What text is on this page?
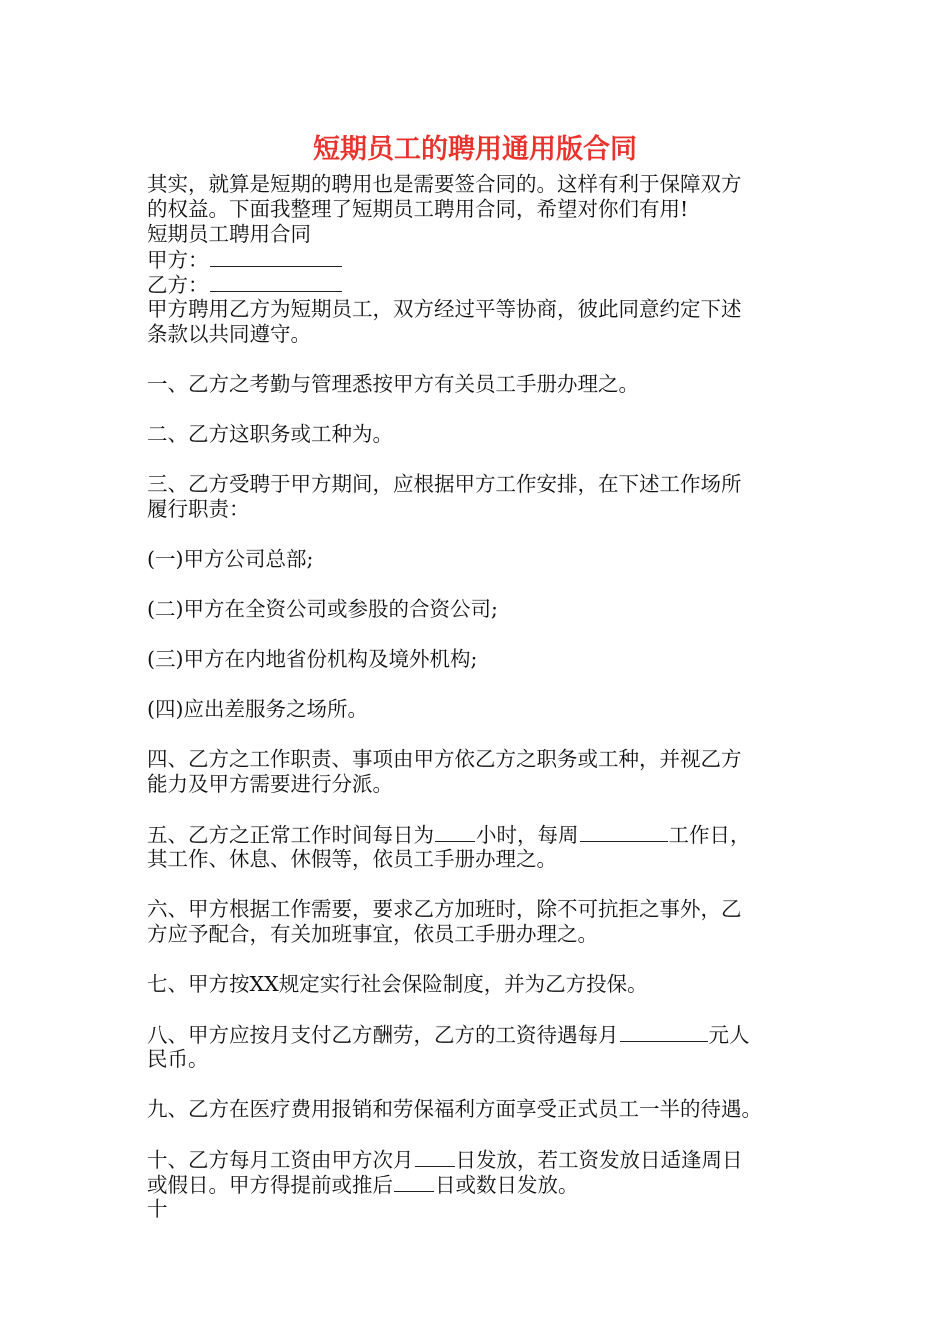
短期员工的聘用通用版合同
其实，就算是短期的聘用也是需要签合同的。这样有利于保障双方
的权益。下面我整理了短期员工聘用合同，希望对你们有用!
短期员工聘用合同
甲方：
乙方：
甲方聘用乙方为短期员工，双方经过平等协商，彼此同意约定下述
条款以共同遵守。
一、乙方之考勤与管理悉按甲方有关员工手册办理之。
二、乙方这职务或工种为。
三、乙方受聘于甲方期间，应根据甲方工作安排，在下述工作场所
履行职责：
(一)甲方公司总部;
(二)甲方在全资公司或参股的合资公司;
(三)甲方在内地省份机构及境外机构;
(四)应出差服务之场所。
四、乙方之工作职责、事项由甲方依乙方之职务或工种，并视乙方
能力及甲方需要进行分派。
五、乙方之正常工作时间每日为 小时，每周	工作日，
其工作、休息、休假等，依员工手册办理之。
六、甲方根据工作需要，要求乙方加班时，除不可抗拒之事外，乙
方应予配合，有关加班事宜，依员工手册办理之。
七、甲方按XX规定实行社会保险制度，并为乙方投保。
八、甲方应按月支付乙方酬劳，乙方的工资待遇每月	元人
民币。
九、乙方在医疗费用报销和劳保福利方面享受正式员工一半的待遇。
十、乙方每月工资由甲方次月 日发放，若工资发放日适逢周日
或假日。甲方得提前或推后 日或数日发放。
十
